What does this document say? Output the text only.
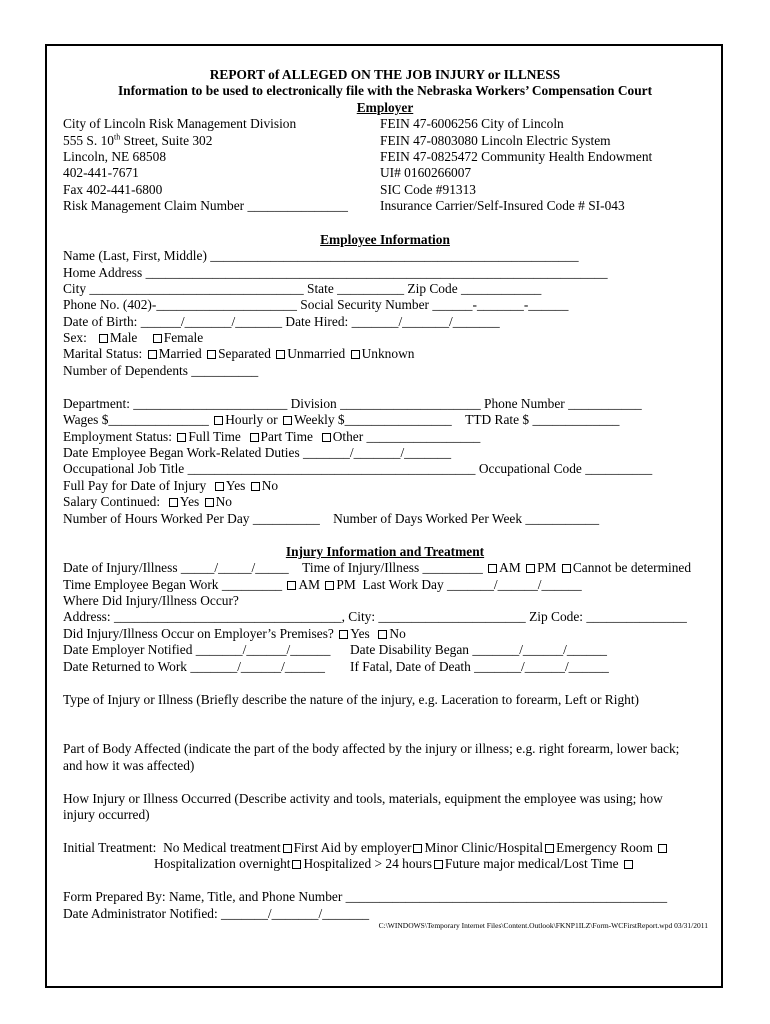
REPORT of ALLEGED ON THE JOB INJURY or ILLNESS
Information to be used to electronically file with the Nebraska Workers’ Compensation Court
Employer
City of Lincoln Risk Management Division
555 S. 10th Street, Suite 302
Lincoln, NE 68508
402-441-7671
Fax 402-441-6800
Risk Management Claim Number _______________
FEIN 47-6006256 City of Lincoln
FEIN 47-0803080 Lincoln Electric System
FEIN 47-0825472 Community Health Endowment
UI# 0160266007
SIC Code #91313
Insurance Carrier/Self-Insured Code # SI-043
Employee Information
Name (Last, First, Middle) _______________________________________________________
Home Address _____________________________________________________________________
City ________________________________ State __________ Zip Code ____________
Phone No. (402)-_____________________ Social Security Number ______-_______-______
Date of Birth: ______/_______/_______ Date Hired: _______/_______/_______
Sex: Male Female
Marital Status: Married Separated Unmarried Unknown
Number of Dependents __________
Department: _______________________ Division _____________________ Phone Number ___________
Wages $_______________ Hourly or Weekly $________________ TTD Rate $ _____________
Employment Status: Full Time Part Time Other _________________
Date Employee Began Work-Related Duties _______/_______/_______
Occupational Job Title ___________________________________________ Occupational Code __________
Full Pay for Date of Injury Yes No
Salary Continued: Yes No
Number of Hours Worked Per Day __________ Number of Days Worked Per Week ___________
Injury Information and Treatment
Date of Injury/Illness _____/_____/_____ Time of Injury/Illness _________ AM PM Cannot be determined
Time Employee Began Work _________ AM PM Last Work Day _______/______/______
Where Did Injury/Illness Occur?
Address: __________________________________, City: ______________________ Zip Code: _______________
Did Injury/Illness Occur on Employer’s Premises? Yes No
Date Employer Notified _______/______/______ Date Disability Began _______/______/______
Date Returned to Work _______/______/______ If Fatal, Date of Death _______/______/______
Type of Injury or Illness (Briefly describe the nature of the injury, e.g. Laceration to forearm, Left or Right)
Part of Body Affected (indicate the part of the body affected by the injury or illness; e.g. right forearm, lower back;
and how it was affected)
How Injury or Illness Occurred (Describe activity and tools, materials, equipment the employee was using; how
injury occurred)
Initial Treatment: No Medical treatment First Aid by employer Minor Clinic/Hospital Emergency Room
Hospitalization overnight Hospitalized > 24 hours Future major medical/Lost Time
Form Prepared By: Name, Title, and Phone Number ________________________________________________
Date Administrator Notified: _______/_______/_______
C:\WINDOWS\Temporary Internet Files\Content.Outlook\FKNP1ILZ\Form-WCFirstReport.wpd 03/31/2011
